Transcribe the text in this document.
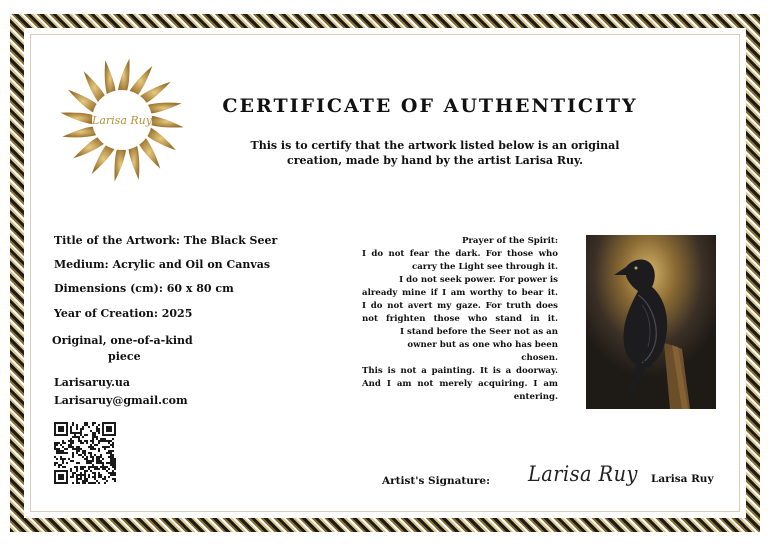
Larisa Ruy
CERTIFICATE OF AUTHENTICITY
This is to certify that the artwork listed below is an original
creation, made by hand by the artist Larisa Ruy.
Title of the Artwork: The Black Seer
Medium: Acrylic and Oil on Canvas
Dimensions (cm): 60 x 80 cm
Year of Creation: 2025
Original, one-of-a-kind
piece
Larisaruy.ua
Larisaruy@gmail.com
Prayer of the Spirit:
I do not fear the dark. For those who
carry the Light see through it.
I do not seek power. For power is
already mine if I am worthy to bear it.
I do not avert my gaze. For truth does
not frighten those who stand in it.
I stand before the Seer not as an
owner but as one who has been
chosen.
This is not a painting. It is a doorway.
And I am not merely acquiring. I am
entering.
Artist's Signature: Larisa Ruy Larisa Ruy
